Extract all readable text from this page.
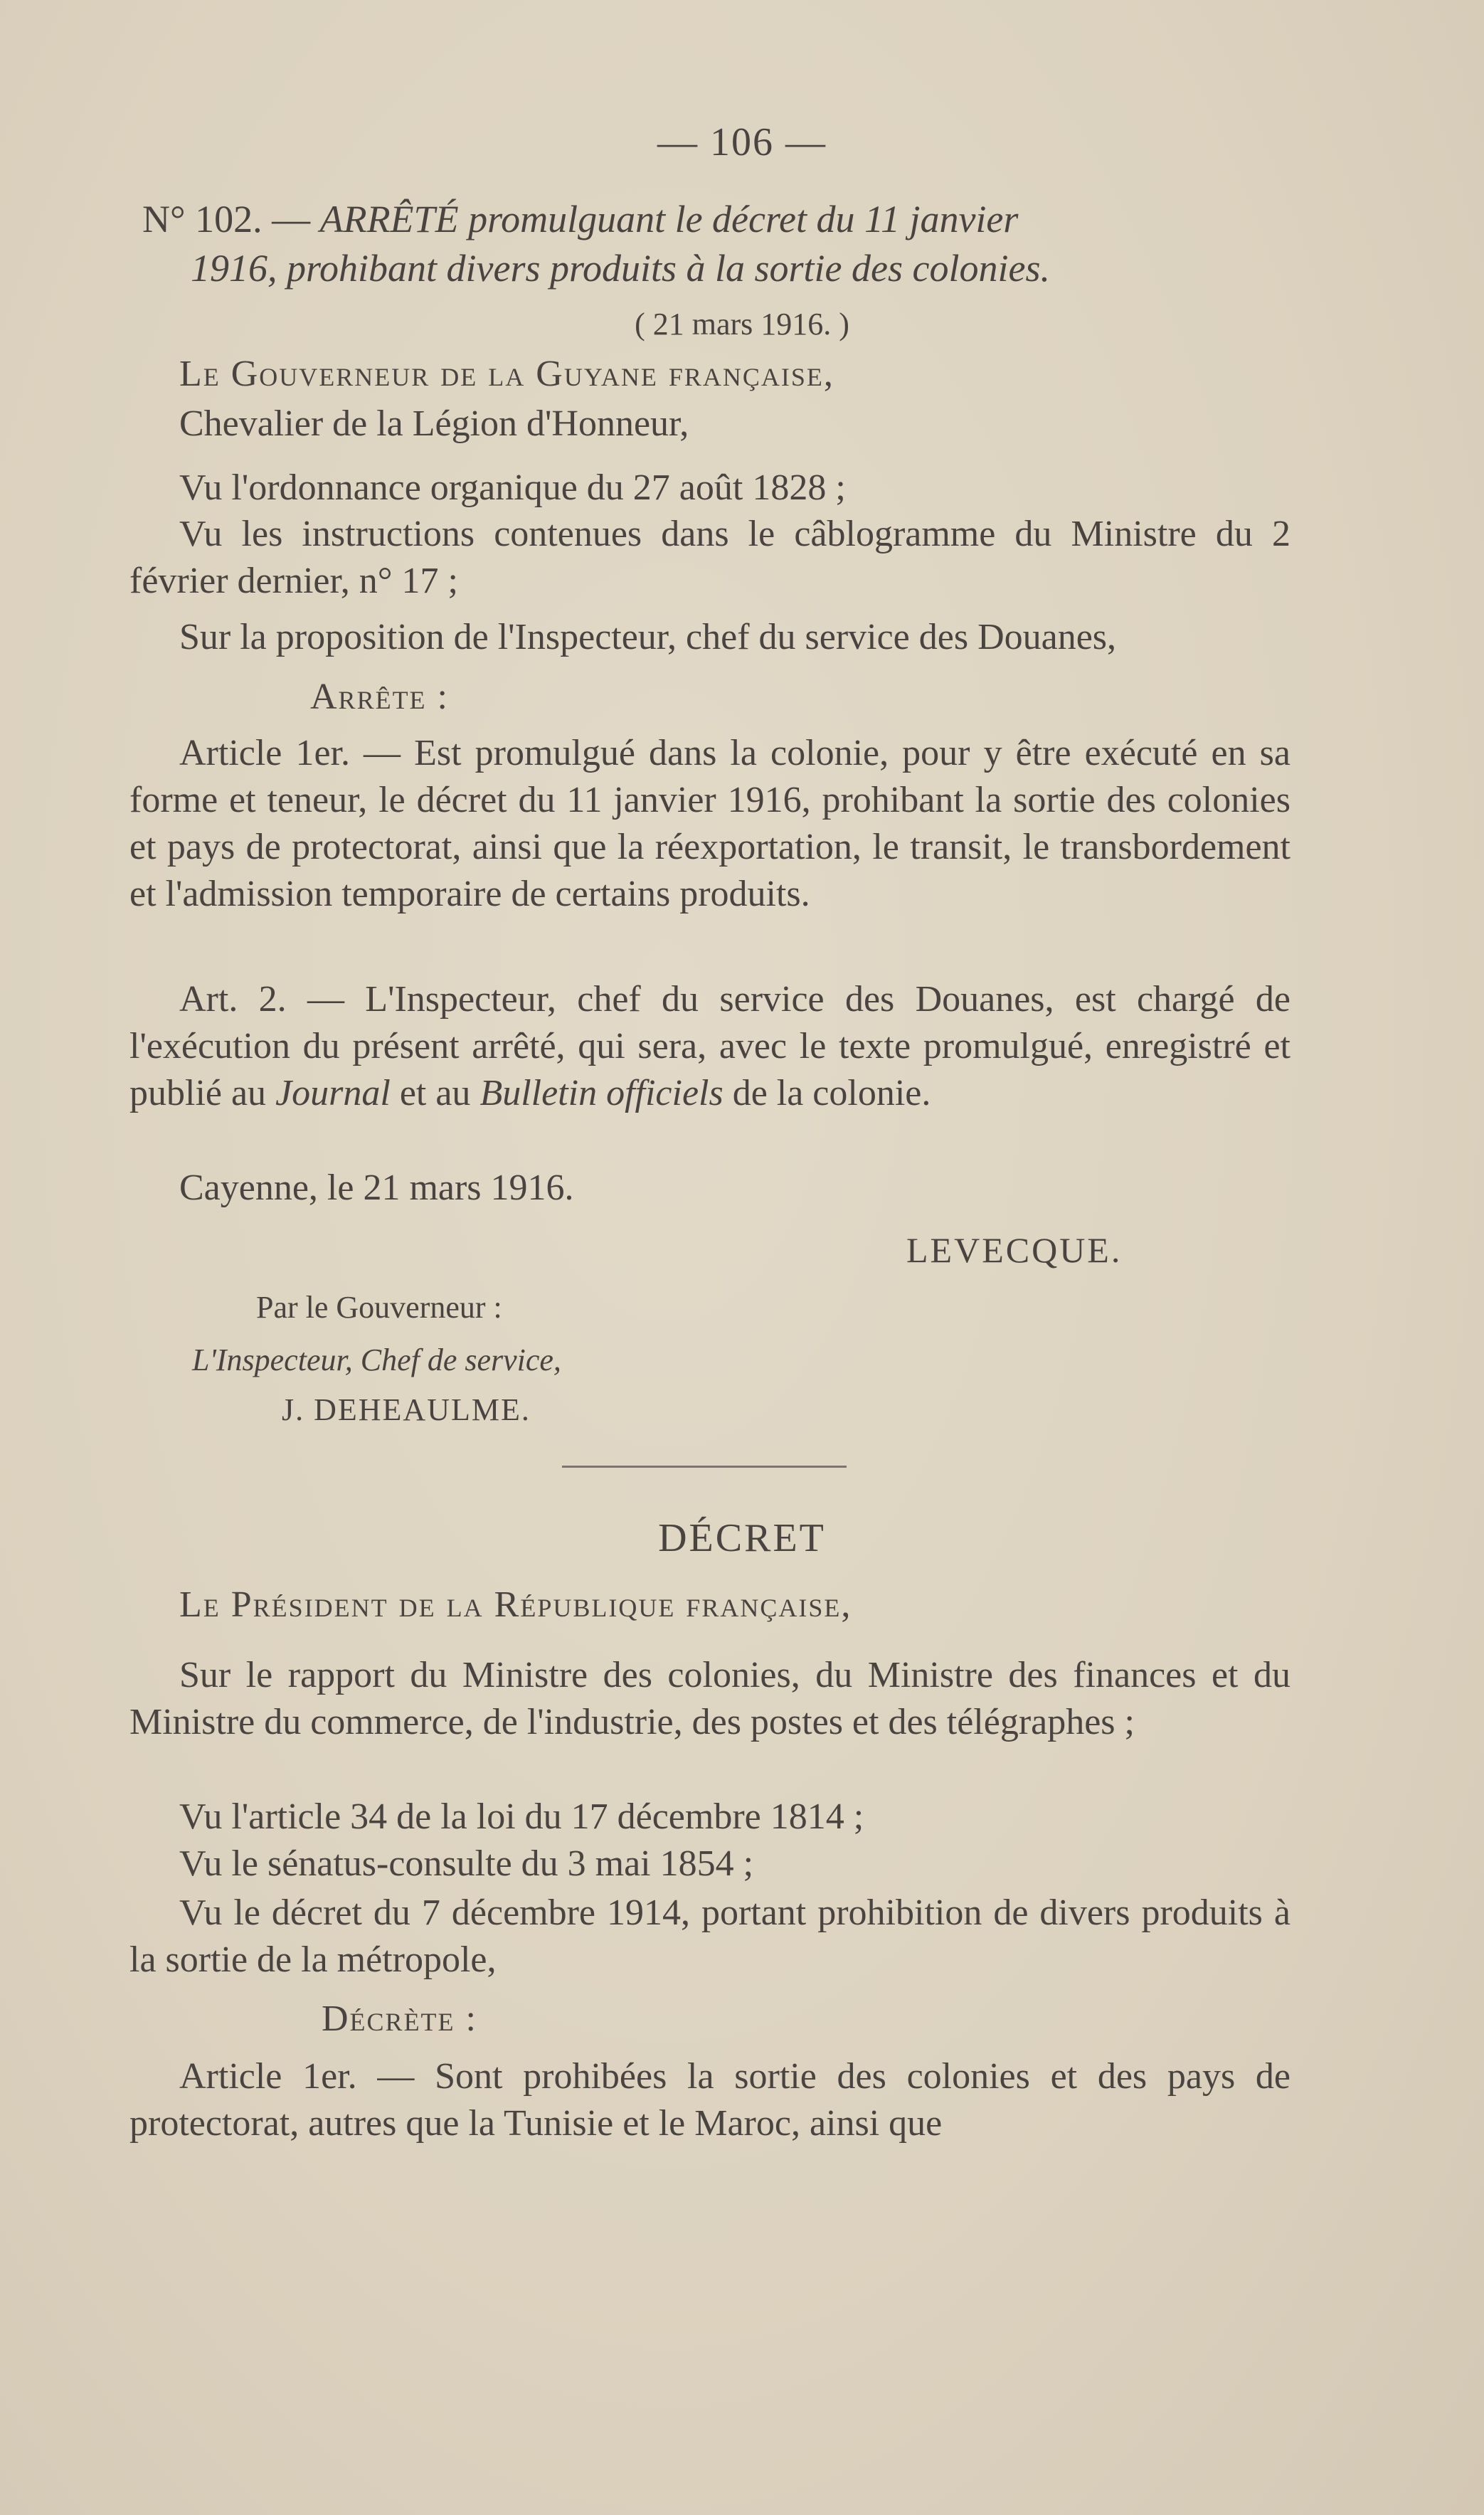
— 106 —
N° 102. — ARRÊTÉ promulguant le décret du 11 janvier
1916, prohibant divers produits à la sortie des colonies.
( 21 mars 1916. )
Le Gouverneur de la Guyane française,
Chevalier de la Légion d'Honneur,
Vu l'ordonnance organique du 27 août 1828 ;
Vu les instructions contenues dans le câblogramme du Ministre du 2 février dernier, n° 17 ;
Sur la proposition de l'Inspecteur, chef du service des Douanes,
Arrête :
Article 1er. — Est promulgué dans la colonie, pour y être exécuté en sa forme et teneur, le décret du 11 janvier 1916, prohibant la sortie des colonies et pays de protectorat, ainsi que la réexportation, le transit, le transbordement et l'admission temporaire de certains produits.
Art. 2. — L'Inspecteur, chef du service des Douanes, est chargé de l'exécution du présent arrêté, qui sera, avec le texte promulgué, enregistré et publié au Journal et au Bulletin officiels de la colonie.
Cayenne, le 21 mars 1916.
LEVECQUE.
Par le Gouverneur :
L'Inspecteur, Chef de service,
J. DEHEAULME.
DÉCRET
Le Président de la République française,
Sur le rapport du Ministre des colonies, du Ministre des finances et du Ministre du commerce, de l'industrie, des postes et des télégraphes ;
Vu l'article 34 de la loi du 17 décembre 1814 ;
Vu le sénatus-consulte du 3 mai 1854 ;
Vu le décret du 7 décembre 1914, portant prohibition de divers produits à la sortie de la métropole,
Décrète :
Article 1er. — Sont prohibées la sortie des colonies et des pays de protectorat, autres que la Tunisie et le Maroc, ainsi que
